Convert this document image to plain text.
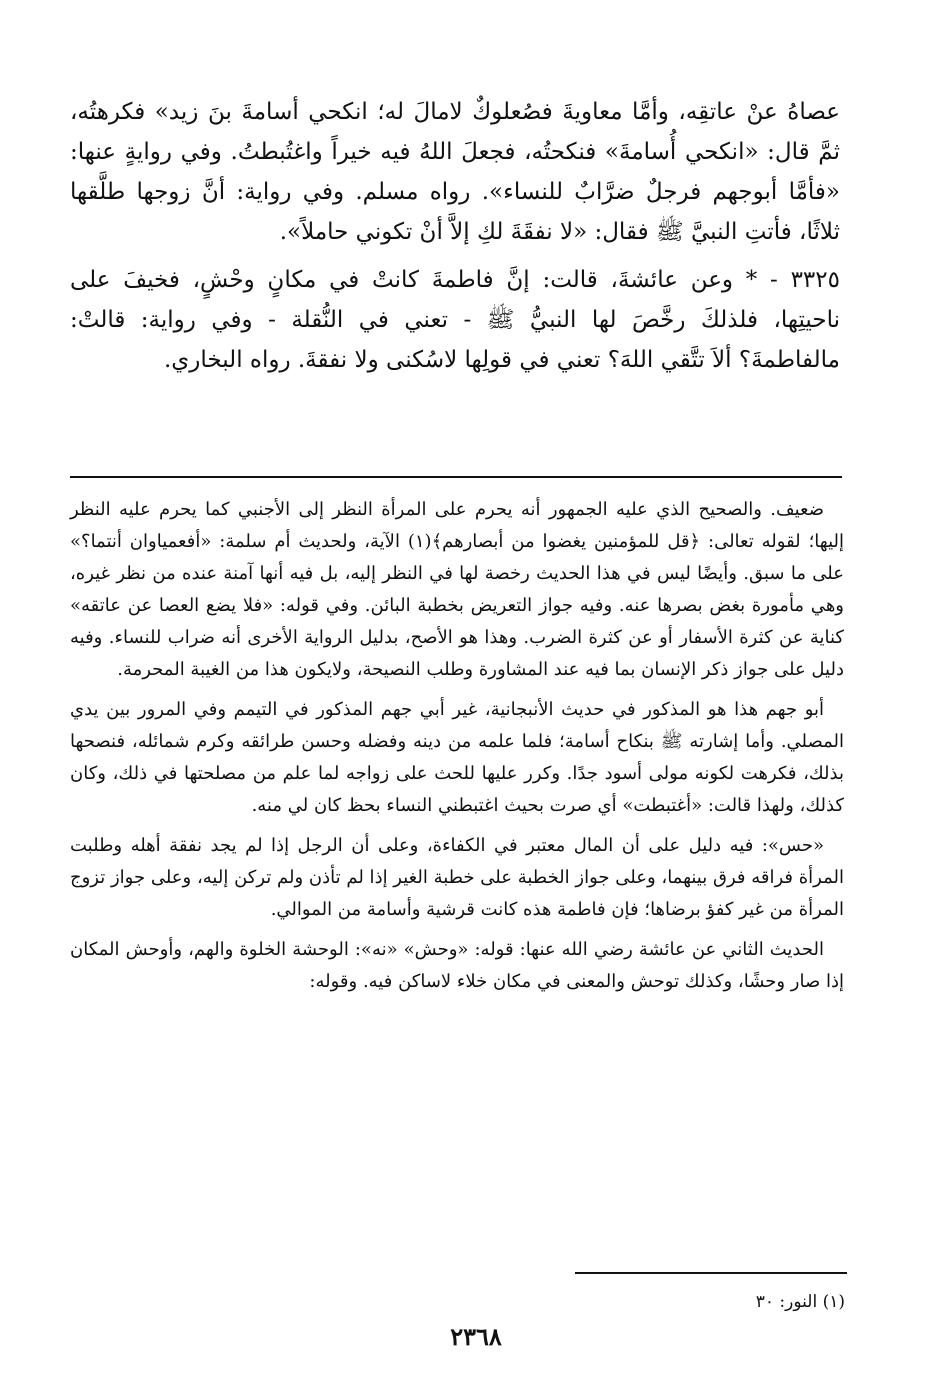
عصاهُ عنْ عاتقِه، وأمَّا معاويةَ فصُعلوكٌ لامالَ له؛ انكحي أسامةَ بنَ زيد» فكرهتُه، ثمَّ قال: «انكحي أُسامةَ» فنكحتُه، فجعلَ اللهُ فيه خيراً واغتُبطتُ. وفي روايةٍ عنها: «فأمَّا أبوجهم فرجلٌ ضرَّابٌ للنساء». رواه مسلم. وفي رواية: أنَّ زوجها طلَّقها ثلاثًا، فأتتِ النبيَّ ﷺ فقال: «لا نفقَةَ لكِ إلاَّ أنْ تكوني حاملاً».

٣٣٢٥ - * وعن عائشةَ، قالت: إنَّ فاطمةَ كانتْ في مكانٍ وحْشٍ، فخيفَ على ناحيتِها، فلذلكَ رخَّصَ لها النبيُّ ﷺ - تعني في النُّقلة - وفي رواية: قالتْ: مالفاطمةَ؟ ألاَ تتَّقي اللهَ؟ تعني في قولِها لاسُكنى ولا نفقةَ. رواه البخاري.

ضعيف. والصحيح الذي عليه الجمهور أنه يحرم على المرأة النظر إلى الأجنبي كما يحرم عليه النظر إليها؛ لقوله تعالى: ﴿قل للمؤمنين يغضوا من أبصارهم﴾(١) الآية، ولحديث أم سلمة: «أفعمياوان أنتما؟» على ما سبق. وأيضًا ليس في هذا الحديث رخصة لها في النظر إليه، بل فيه أنها آمنة عنده من نظر غيره، وهي مأمورة بغض بصرها عنه. وفيه جواز التعريض بخطبة البائن. وفي قوله: «فلا يضع العصا عن عاتقه» كناية عن كثرة الأسفار أو عن كثرة الضرب. وهذا هو الأصح، بدليل الرواية الأخرى أنه ضراب للنساء. وفيه دليل على جواز ذكر الإنسان بما فيه عند المشاورة وطلب النصيحة، ولايكون هذا من الغيبة المحرمة.

أبو جهم هذا هو المذكور في حديث الأنبجانية، غير أبي جهم المذكور في التيمم وفي المرور بين يدي المصلي. وأما إشارته ﷺ بنكاح أسامة؛ فلما علمه من دينه وفضله وحسن طرائقه وكرم شمائله، فنصحها بذلك، فكرهت لكونه مولى أسود جدًا. وكرر عليها للحث على زواجه لما علم من مصلحتها في ذلك، وكان كذلك، ولهذا قالت: «أغتبطت» أي صرت بحيث اغتبطني النساء بحظ كان لي منه.

«حس»: فيه دليل على أن المال معتبر في الكفاءة، وعلى أن الرجل إذا لم يجد نفقة أهله وطلبت المرأة فراقه فرق بينهما، وعلى جواز الخطبة على خطبة الغير إذا لم تأذن ولم تركن إليه، وعلى جواز تزوج المرأة من غير كفؤ برضاها؛ فإن فاطمة هذه كانت قرشية وأسامة من الموالي.

الحديث الثاني عن عائشة رضي الله عنها: قوله: «وحش» «نه»: الوحشة الخلوة والهم، وأوحش المكان إذا صار وحشًا، وكذلك توحش والمعنى في مكان خلاء لاساكن فيه. وقوله:

(١) النور: ٣٠
٢٣٦٨
